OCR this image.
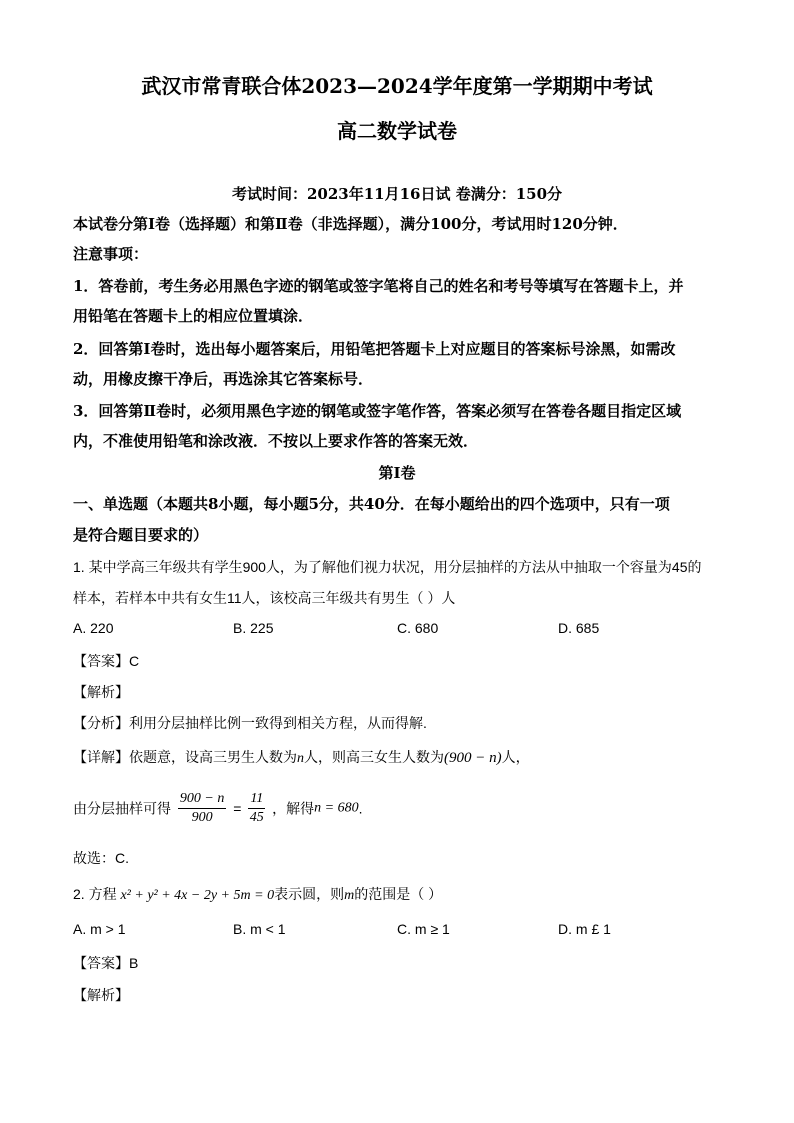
武汉市常青联合体2023—2024学年度第一学期期中考试
高二数学试卷
考试时间：2023年11月16日试 卷满分：150分
本试卷分第Ⅰ卷（选择题）和第Ⅱ卷（非选择题），满分100分，考试用时120分钟．
注意事项：
1．答卷前，考生务必用黑色字迹的钢笔或签字笔将自己的姓名和考号等填写在答题卡上，并
用铅笔在答题卡上的相应位置填涂．
2．回答第Ⅰ卷时，选出每小题答案后，用铅笔把答题卡上对应题目的答案标号涂黑，如需改
动，用橡皮擦干净后，再选涂其它答案标号．
3．回答第Ⅱ卷时，必须用黑色字迹的钢笔或签字笔作答，答案必须写在答卷各题目指定区域
内，不准使用铅笔和涂改液．不按以上要求作答的答案无效．
第Ⅰ卷
一、单选题（本题共8小题，每小题5分，共40分．在每小题给出的四个选项中，只有一项
是符合题目要求的）
1. 某中学高三年级共有学生900人，为了解他们视力状况，用分层抽样的方法从中抽取一个容量为45的
样本，若样本中共有女生11人，该校高三年级共有男生（ ）人
A. 220	B. 225	C. 680	D. 685
【答案】C
【解析】
【分析】利用分层抽样比例一致得到相关方程，从而得解.
【详解】依题意，设高三男生人数为n人，则高三女生人数为(900 − n)人，
由分层抽样可得 $\frac{900 - n}{900} = \frac{11}{45}$ ，解得n = 680.
故选：C.
2. 方程 x² + y² + 4x − 2y + 5m = 0表示圆，则m的范围是（ ）
A. m > 1	B. m < 1	C. m ≥ 1	D. m £ 1
【答案】B
【解析】
